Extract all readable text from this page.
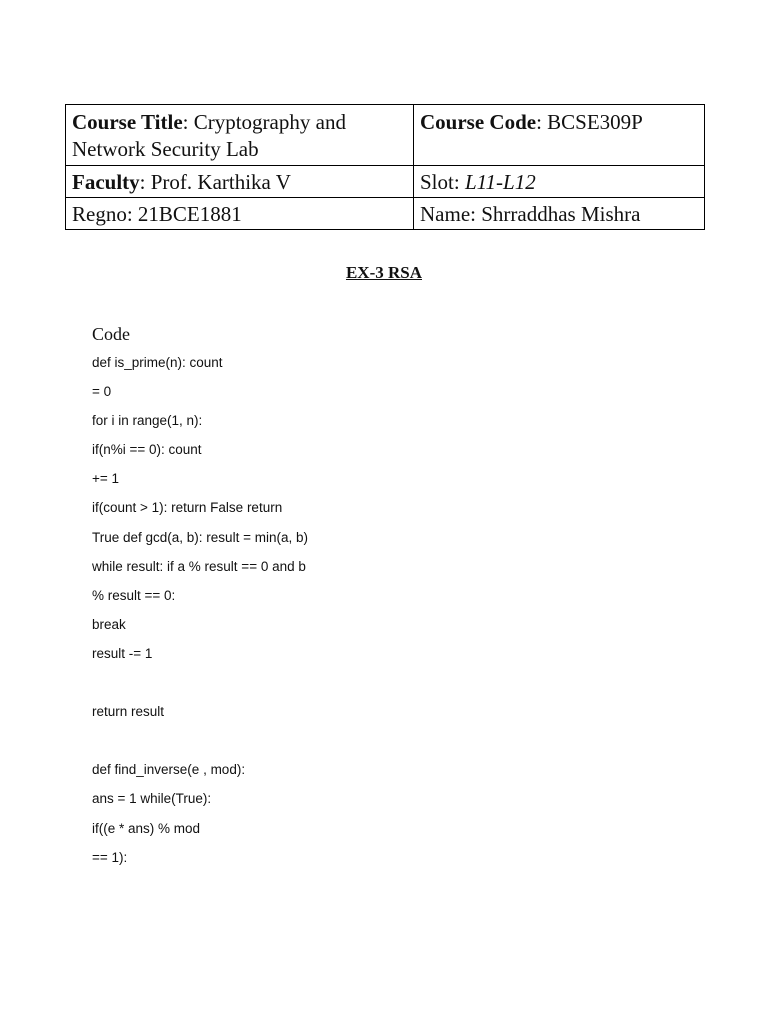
Course Title: Cryptography and Network Security Lab	Course Code: BCSE309P
Faculty: Prof. Karthika V	Slot: L11-L12
Regno: 21BCE1881	Name: Shrraddhas Mishra
EX-3 RSA
Code
def is_prime(n): count
= 0
for i in range(1, n):
if(n%i == 0): count
+= 1
if(count > 1): return False return
True def gcd(a, b): result = min(a, b)
while result: if a % result == 0 and b
% result == 0:
break
result -= 1
return result
def find_inverse(e , mod):
ans = 1 while(True):
if((e * ans) % mod
== 1):
